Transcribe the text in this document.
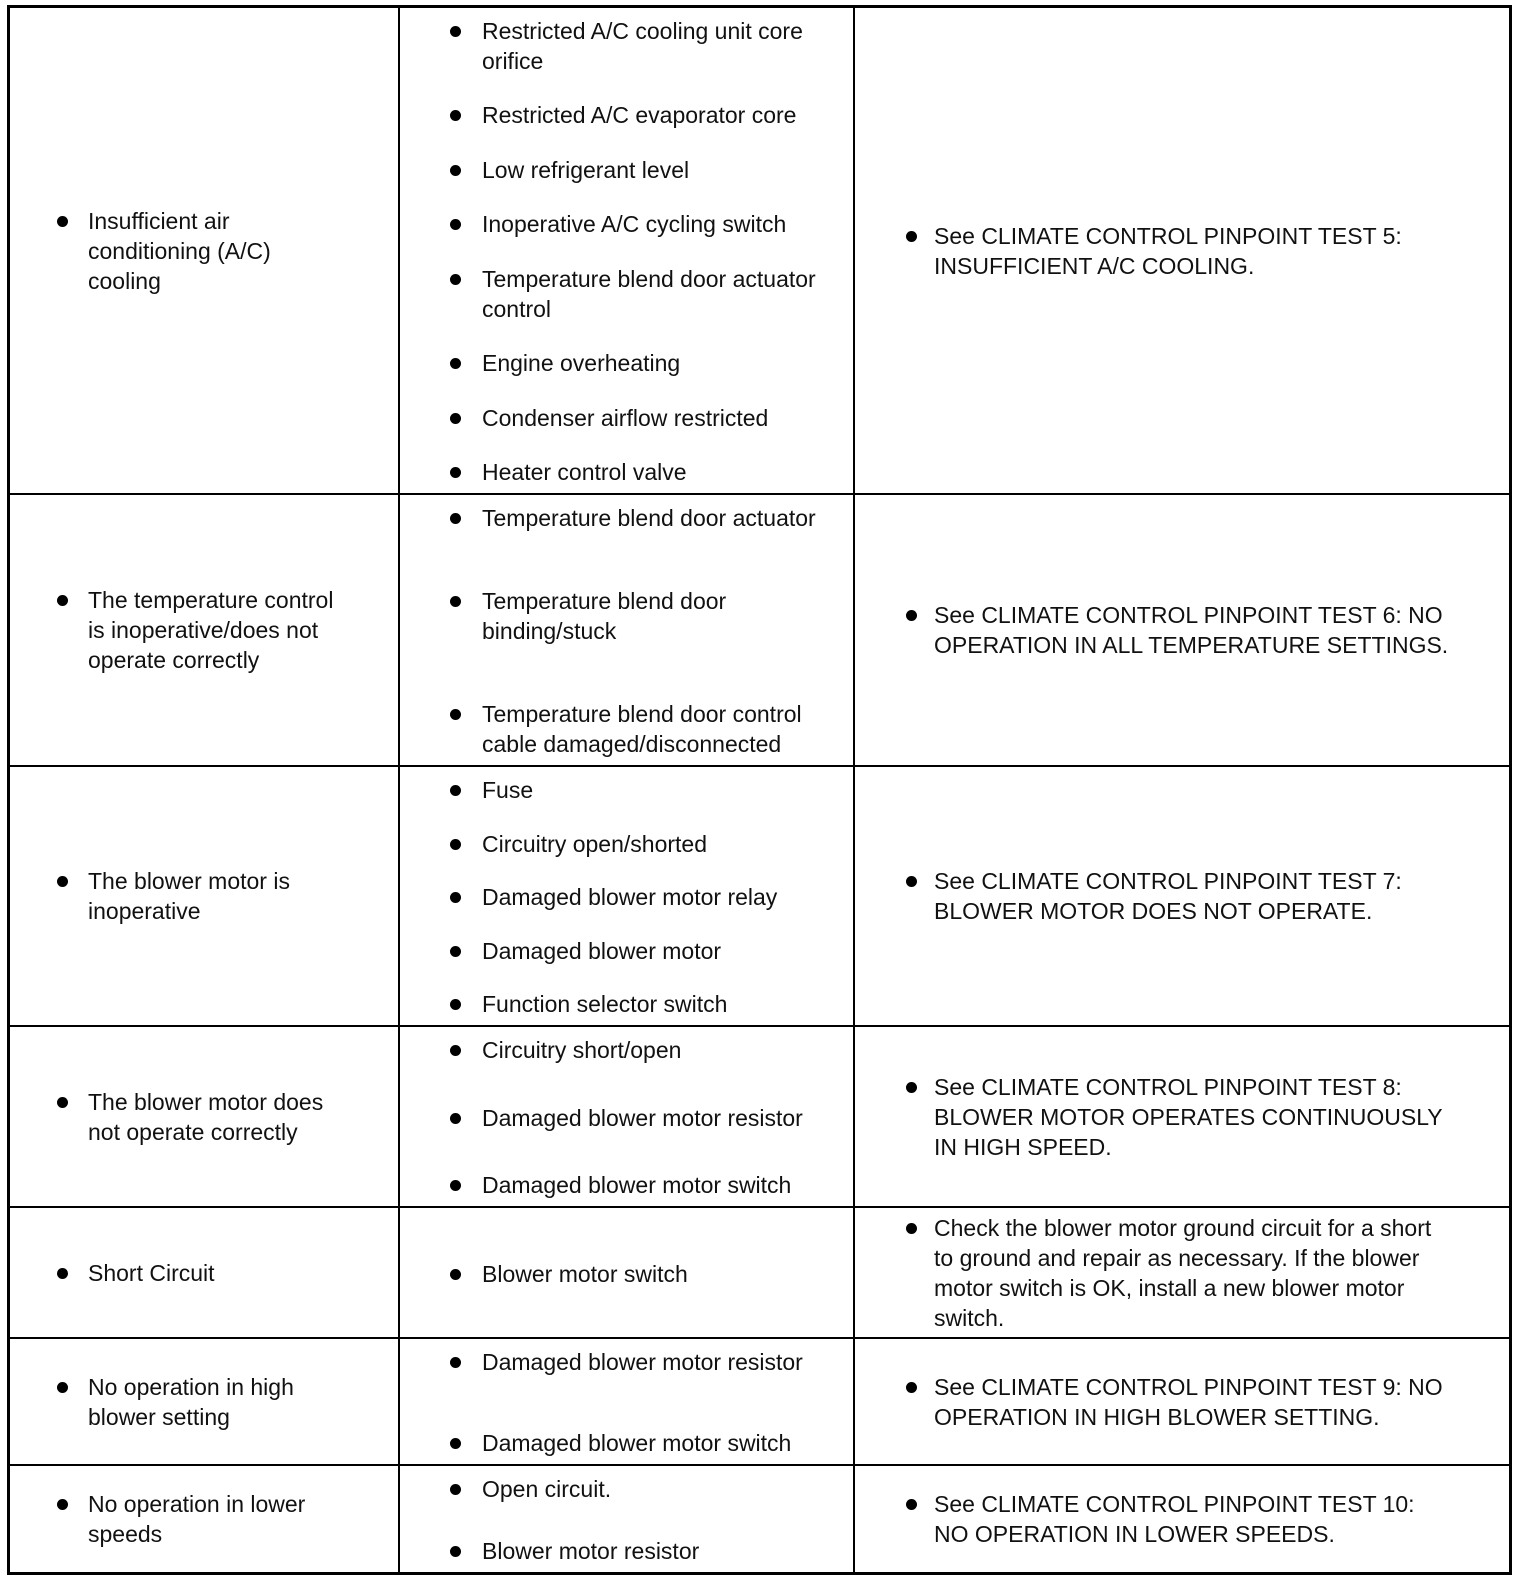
Insufficient air conditioning (A/C) cooling
Restricted A/C cooling unit core orifice
Restricted A/C evaporator core
Low refrigerant level
Inoperative A/C cycling switch
Temperature blend door actuator control
Engine overheating
Condenser airflow restricted
Heater control valve
See CLIMATE CONTROL PINPOINT TEST 5: INSUFFICIENT A/C COOLING.
The temperature control is inoperative/does not operate correctly
Temperature blend door actuator
Temperature blend door binding/stuck
Temperature blend door control cable damaged/disconnected
See CLIMATE CONTROL PINPOINT TEST 6: NO OPERATION IN ALL TEMPERATURE SETTINGS.
The blower motor is inoperative
Fuse
Circuitry open/shorted
Damaged blower motor relay
Damaged blower motor
Function selector switch
See CLIMATE CONTROL PINPOINT TEST 7: BLOWER MOTOR DOES NOT OPERATE.
The blower motor does not operate correctly
Circuitry short/open
Damaged blower motor resistor
Damaged blower motor switch
See CLIMATE CONTROL PINPOINT TEST 8: BLOWER MOTOR OPERATES CONTINUOUSLY IN HIGH SPEED.
Short Circuit	Blower motor switch
Check the blower motor ground circuit for a short to ground and repair as necessary. If the blower motor switch is OK, install a new blower motor switch.
No operation in high blower setting
Damaged blower motor resistor
Damaged blower motor switch
See CLIMATE CONTROL PINPOINT TEST 9: NO OPERATION IN HIGH BLOWER SETTING.
No operation in lower speeds
Open circuit.
Blower motor resistor
See CLIMATE CONTROL PINPOINT TEST 10: NO OPERATION IN LOWER SPEEDS.
